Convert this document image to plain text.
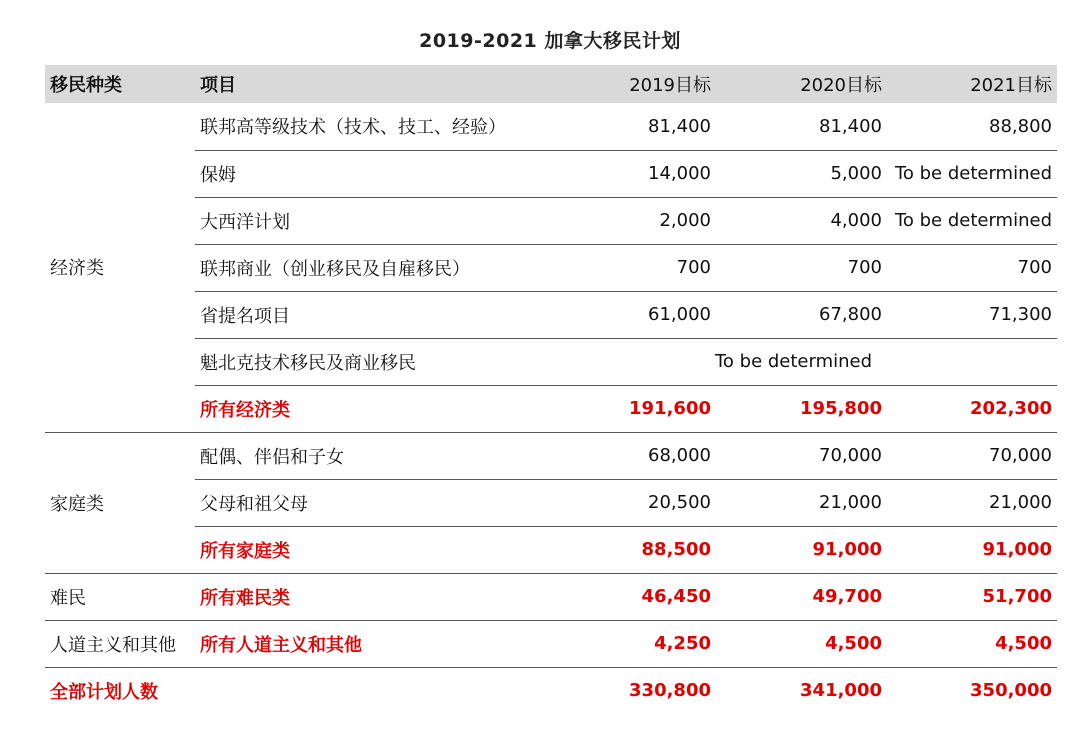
2019-2021 加拿大移民计划
移民种类	项目	2019目标	2020目标	2021目标
经济类	联邦高等级技术（技术、技工、经验）	81,400	81,400	88,800
	保姆	14,000	5,000	To be determined
	大西洋计划	2,000	4,000	To be determined
	联邦商业（创业移民及自雇移民）	700	700	700
	省提名项目	61,000	67,800	71,300
	魁北克技术移民及商业移民	To be determined		
	所有经济类	191,600	195,800	202,300
家庭类	配偶、伴侣和子女	68,000	70,000	70,000
	父母和祖父母	20,500	21,000	21,000
	所有家庭类	88,500	91,000	91,000
难民	所有难民类	46,450	49,700	51,700
人道主义和其他	所有人道主义和其他	4,250	4,500	4,500
全部计划人数		330,800	341,000	350,000
